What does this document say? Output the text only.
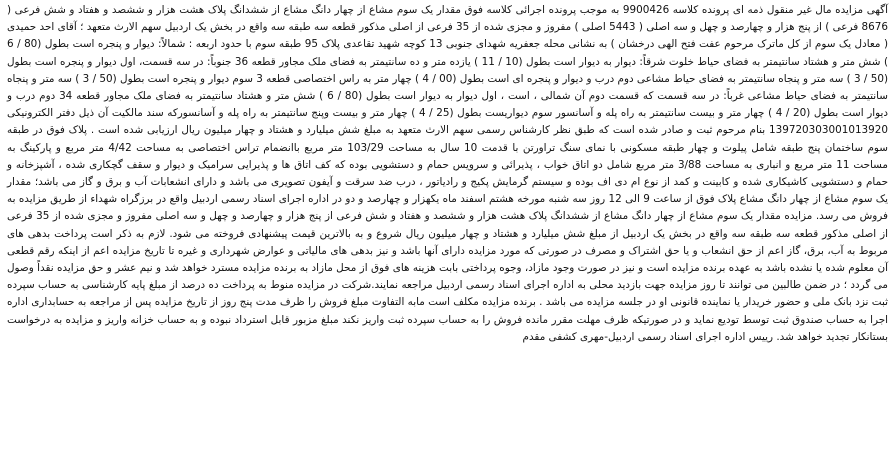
آگهی مزایده مال غیر منقول ذمه ای پرونده کلاسه 9900426 به موجب پرونده اجرائی کلاسه فوق مقدار یک سوم مشاع از چهار دانگ مشاع از ششدانگ پلاک هشت هزار و ششصد و هفتاد و شش فرعی ( 8676 فرعی ) از پنج هزار و چهارصد و چهل و سه اصلی ( 5443 اصلی ) مفروز و مجزی شده از 35 فرعی از اصلی مذکور قطعه سه طبقه سه واقع در بخش یک اردبیل سهم الارث متعهد ؛ آقای احد حمیدی ( معادل یک سوم از کل ماترک مرحوم عفت فتح الهی درخشان ) به نشانی محله جعفریه شهدای جنوبی 13 کوچه شهید تقاعدی پلاک 95 طبقه سوم با حدود اربعه : شمالاً: دیوار و پنجره است بطول (80 / 6 ) شش متر و هشتاد سانتیمتر به فضای حیاط خلوت شرقاً: دیوار به دیوار است بطول (10 / 11 ) یازده متر و ده سانتیمتر به فضای ملک مجاور قطعه 36 جنوباً: در سه قسمت، اول دیوار و پنجره است بطول (50 / 3 ) سه متر و پنجاه سانتیمتر به فضای حیاط مشاعی دوم درب و دیوار و پنجره ای است بطول (00 / 4 ) چهار متر به راس اختصاصی قطعه 3 سوم دیوار و پنجره است بطول (50 / 3 ) سه متر و پنجاه سانتیمتر به فضای حیاط مشاعی غرباً: در سه قسمت که قسمت دوم آن شمالی ، است ، اول دیوار به دیوار است بطول (80 / 6 ) شش متر و هشتاد سانتیمتر به فضای ملک مجاور قطعه 34 دوم درب و دیوار است بطول (20 / 4 ) چهار متر و بیست سانتیمتر به راه پله و آسانسور سوم دیواریست بطول (25 / 4 ) چهار متر و بیست وپنج سانتیمتر به راه پله و آسانسورکه سند مالکیت آن ذیل دفتر الکترونیکی 139720303001013920 بنام مرحوم ثبت و صادر شده است که طبق نظر کارشناس رسمی سهم الارث متعهد به مبلغ شش میلیارد و هشتاد و چهار میلیون ریال ارزیابی شده است . پلاک فوق در طبقه سوم ساختمان پنج طبقه شامل پیلوت و چهار طبقه مسکونی با نمای سنگ تراورتن با قدمت 10 سال به مساحت 103/29 متر مربع باانضمام تراس اختصاصی به مساحت 4/42 متر مربع و پارکینگ به مساحت 11 متر مربع و انباری به مساحت 3/88 متر مربع شامل دو اتاق خواب ، پذیرائی و سرویس حمام و دستشویی بوده که کف اتاق ها و پذیرایی سرامیک و دیوار و سقف گچکاری شده ، آشپزخانه و حمام و دستشویی کاشیکاری شده و کابینت و کمد از نوع ام دی اف بوده و سیستم گرمایش پکیج و رادیاتور ، درب ضد سرقت و آیفون تصویری می باشد و دارای انشعابات آب و برق و گاز می باشد؛ مقدار یک سوم مشاع از چهار دانگ مشاع پلاک فوق از ساعت 9 الی 12 روز سه شنبه مورخه هشتم اسفند ماه یکهزار و چهارصد و دو در اداره اجرای اسناد رسمی اردبیل واقع در برزگراه شهداء از طریق مزایده به فروش می رسد. مزایده مقدار یک سوم مشاع از چهار دانگ مشاع از ششدانگ پلاک هشت هزار و ششصد و هفتاد و شش فرعی از پنج هزار و چهارصد و چهل و سه اصلی مفروز و مجزی شده از 35 فرعی از اصلی مذکور قطعه سه طبقه سه واقع در بخش یک اردبیل از مبلغ شش میلیارد و هشتاد و چهار میلیون ریال شروع و به بالاترین قیمت پیشنهادی فروخته می شود. لازم به ذکر است پرداخت بدهی های مربوط به آب، برق، گاز اعم از حق انشعاب و یا حق اشتراک و مصرف در صورتی که مورد مزایده دارای آنها باشد و نیز بدهی های مالیاتی و عوارض شهرداری و غیره تا تاریخ مزایده اعم از اینکه رقم قطعی آن معلوم شده یا نشده باشد به عهده برنده مزایده است و نیز در صورت وجود مازاد، وجوه پرداختی بابت هزینه های فوق از محل مازاد به برنده مزایده مسترد خواهد شد و نیم عشر و حق مزایده نقداً وصول می گردد ؛ در ضمن طالبین می توانند تا روز مزایده جهت بازدید محلی به اداره اجرای اسناد رسمی اردبیل مراجعه نمایند.شرکت در مزایده منوط به پرداخت ده درصد از مبلغ پایه کارشناسی به حساب سپرده ثبت نزد بانک ملی و حضور خریدار یا نماینده قانونی او در جلسه مزایده می باشد . برنده مزایده مکلف است مابه التفاوت مبلغ فروش را ظرف مدت پنج روز از تاریخ مزایده پس از مراجعه به حسابداری اداره اجرا به حساب صندوق ثبت توسط تودیع نماید و در صورتیکه ظرف مهلت مقرر مانده فروش را به حساب سپرده ثبت واریز نکند مبلغ مزبور قابل استرداد نبوده و به حساب خزانه واریز و مزایده به درخواست بستانکار تجدید خواهد شد. رییس اداره اجرای اسناد رسمی اردبیل-مهری کشفی مقدم
